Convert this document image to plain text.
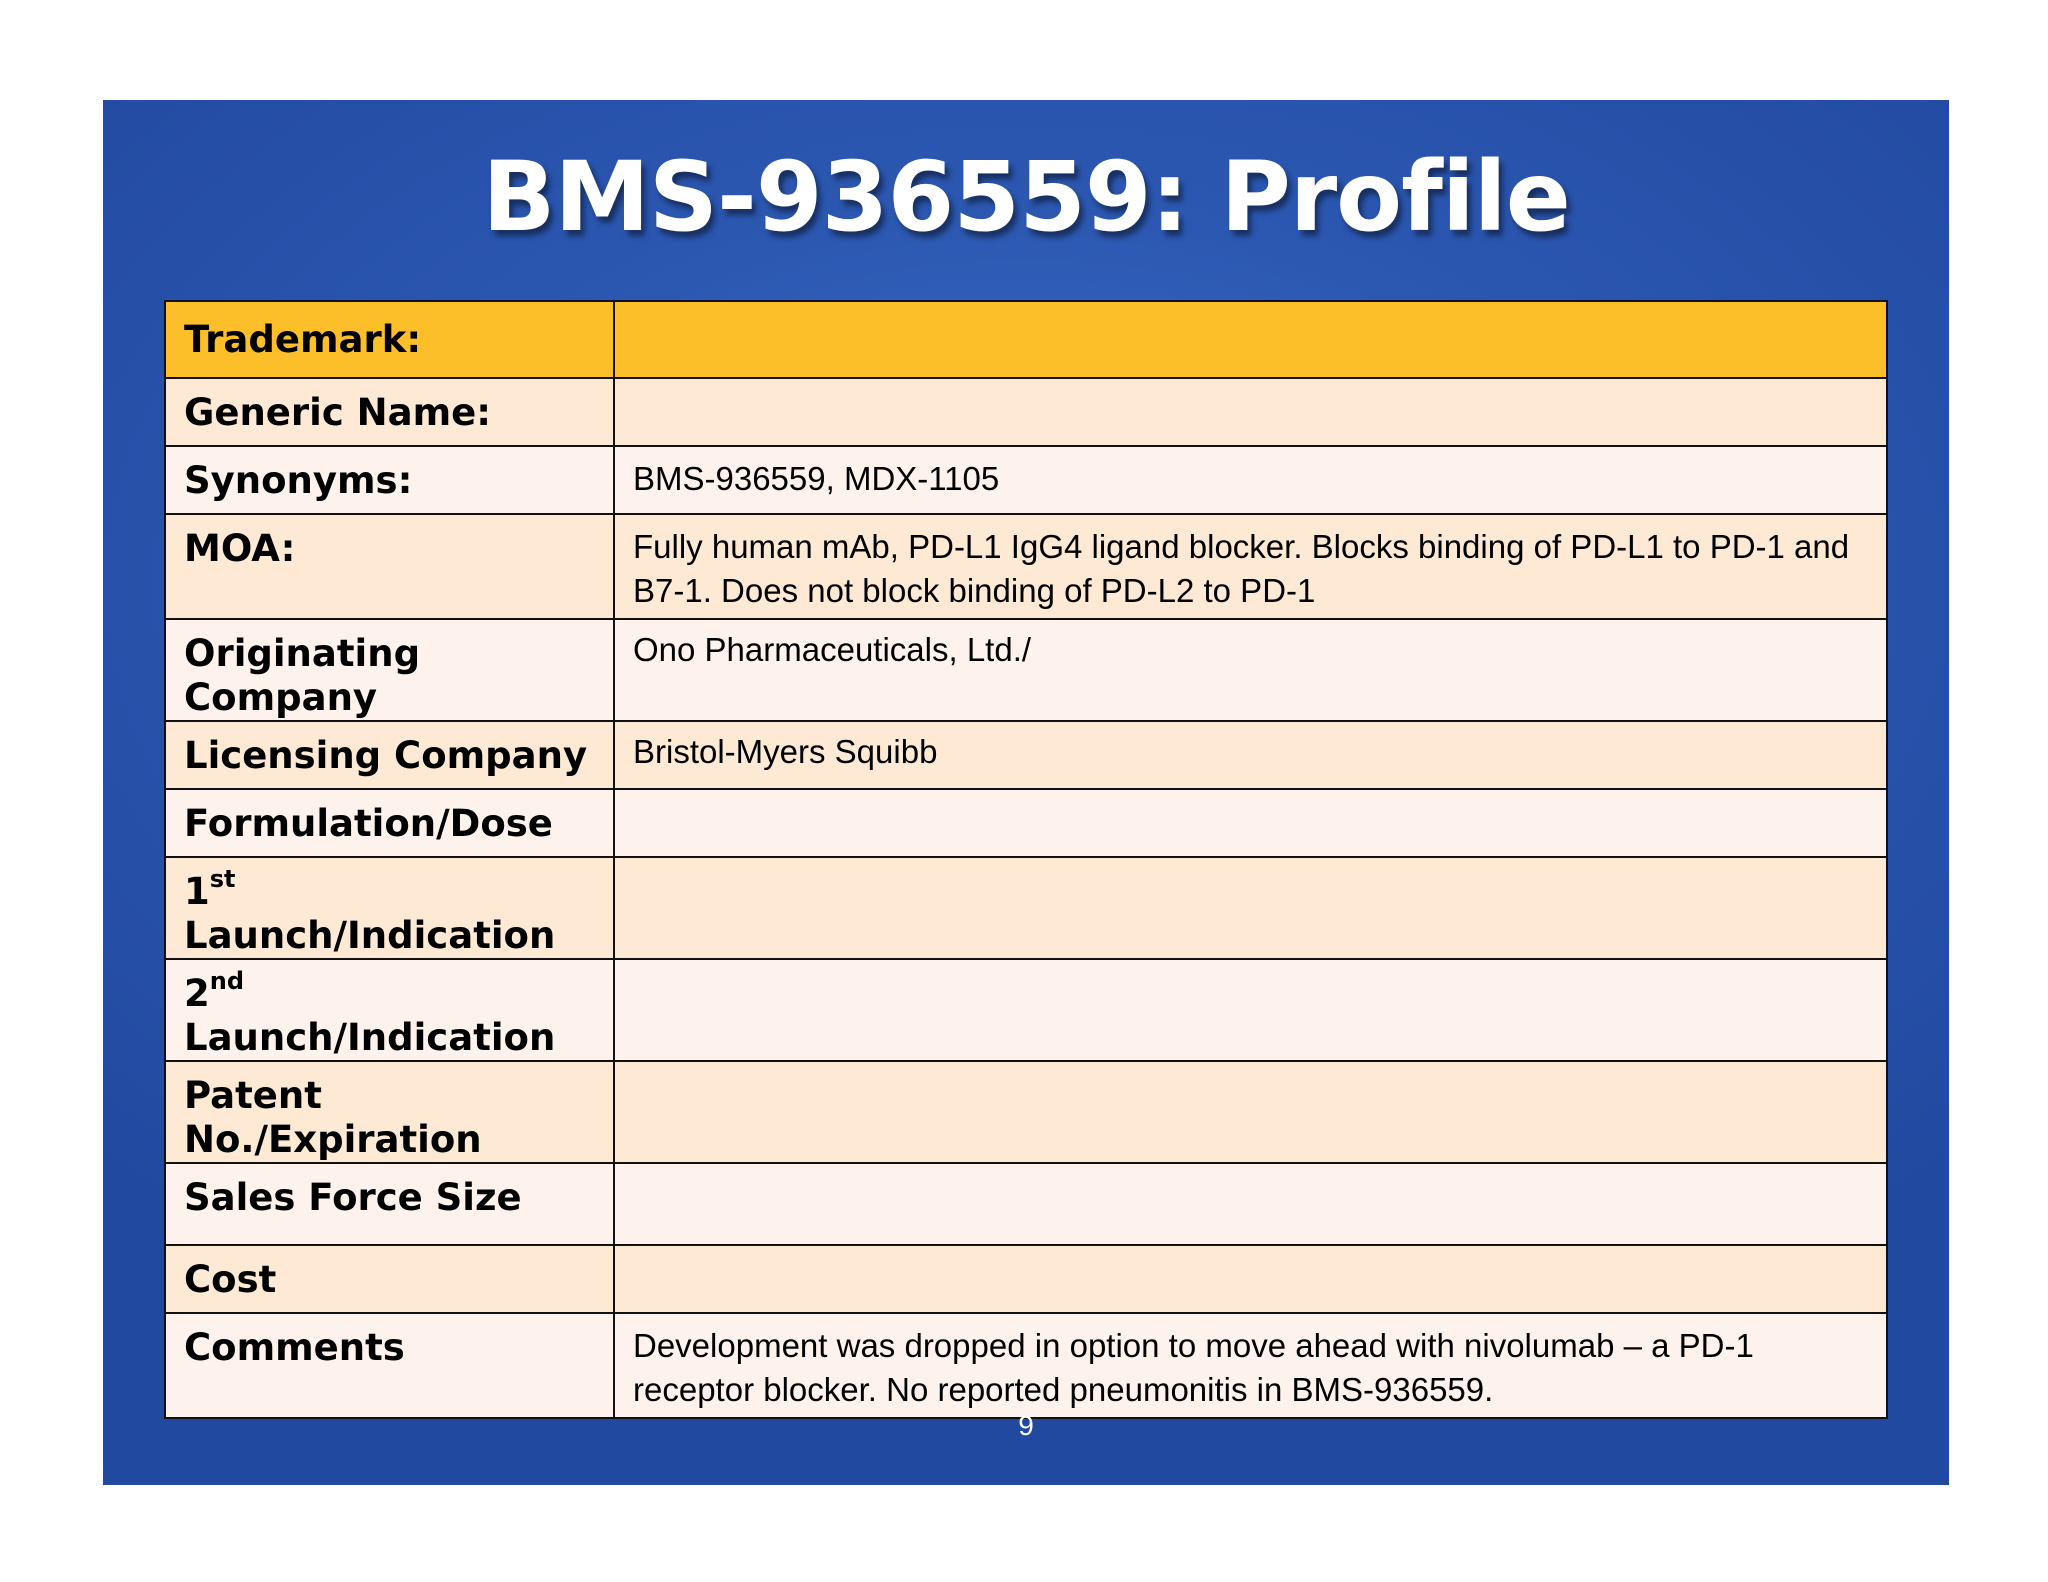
BMS-936559: Profile
Trademark:	
Generic Name:	
Synonyms:	BMS-936559, MDX-1105
MOA:	Fully human mAb, PD-L1 IgG4 ligand blocker. Blocks binding of PD-L1 to PD-1 and
B7-1. Does not block binding of PD-L2 to PD-1

Originating Company	Ono Pharmaceuticals, Ltd./
Licensing Company	Bristol-Myers Squibb
Formulation/Dose	
1st Launch/Indication	
2nd Launch/Indication	
Patent No./Expiration	
Sales Force Size	
Cost	
Comments	Development was dropped in option to move ahead with nivolumab – a PD-1
receptor blocker. No reported pneumonitis in BMS-936559.
9
